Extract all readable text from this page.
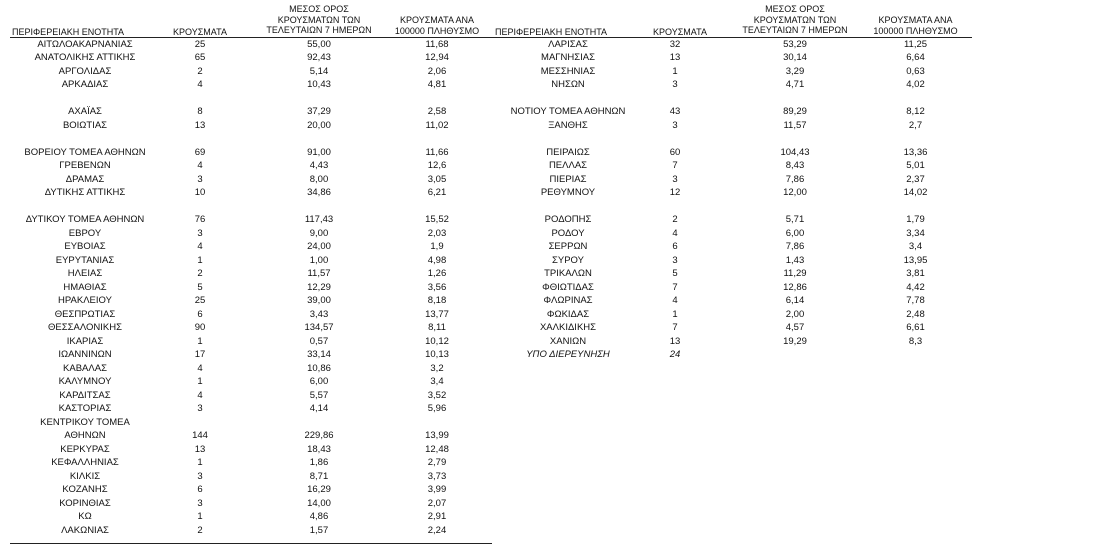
ΠΕΡΙΦΕΡΕΙΑΚΗ ΕΝΟΤΗΤΑ	ΚΡΟΥΣΜΑΤΑ
ΜΕΣΟΣ ΟΡΟΣ
ΚΡΟΥΣΜΑΤΩΝ ΤΩΝ
ΤΕΛΕΥΤΑΙΩΝ 7 ΗΜΕΡΩΝ
ΚΡΟΥΣΜΑΤΑ ΑΝΑ
100000 ΠΛΗΘΥΣΜΟ	ΠΕΡΙΦΕΡΕΙΑΚΗ ΕΝΟΤΗΤΑ	ΚΡΟΥΣΜΑΤΑ
ΜΕΣΟΣ ΟΡΟΣ
ΚΡΟΥΣΜΑΤΩΝ ΤΩΝ
ΤΕΛΕΥΤΑΙΩΝ 7 ΗΜΕΡΩΝ
ΚΡΟΥΣΜΑΤΑ ΑΝΑ
100000 ΠΛΗΘΥΣΜΟ
ΑΙΤΩΛΟΑΚΑΡΝΑΝΙΑΣ	25	55,00	11,68
ΑΝΑΤΟΛΙΚΗΣ ΑΤΤΙΚΗΣ	65	92,43	12,94
ΑΡΓΟΛΙΔΑΣ	2	5,14	2,06
ΑΡΚΑΔΙΑΣ	4	10,43	4,81
ΑΧΑΪΑΣ	8	37,29	2,58
ΒΟΙΩΤΙΑΣ	13	20,00	11,02
ΒΟΡΕΙΟΥ ΤΟΜΕΑ ΑΘΗΝΩΝ	69	91,00	11,66
ΓΡΕΒΕΝΩΝ	4	4,43	12,6
ΔΡΑΜΑΣ	3	8,00	3,05
ΔΥΤΙΚΗΣ ΑΤΤΙΚΗΣ	10	34,86	6,21
ΔΥΤΙΚΟΥ ΤΟΜΕΑ ΑΘΗΝΩΝ	76	117,43	15,52
ΕΒΡΟΥ	3	9,00	2,03
ΕΥΒΟΙΑΣ	4	24,00	1,9
ΕΥΡΥΤΑΝΙΑΣ	1	1,00	4,98
ΗΛΕΙΑΣ	2	11,57	1,26
ΗΜΑΘΙΑΣ	5	12,29	3,56
ΗΡΑΚΛΕΙΟΥ	25	39,00	8,18
ΘΕΣΠΡΩΤΙΑΣ	6	3,43	13,77
ΘΕΣΣΑΛΟΝΙΚΗΣ	90	134,57	8,11
ΙΚΑΡΙΑΣ	1	0,57	10,12
ΙΩΑΝΝΙΝΩΝ	17	33,14	10,13
ΚΑΒΑΛΑΣ	4	10,86	3,2
ΚΑΛΥΜΝΟΥ	1	6,00	3,4
ΚΑΡΔΙΤΣΑΣ	4	5,57	3,52
ΚΑΣΤΟΡΙΑΣ	3	4,14	5,96
ΚΕΝΤΡΙΚΟΥ ΤΟΜΕΑ
ΑΘΗΝΩΝ	144	229,86	13,99
ΚΕΡΚΥΡΑΣ	13	18,43	12,48
ΚΕΦΑΛΛΗΝΙΑΣ	1	1,86	2,79
ΚΙΛΚΙΣ	3	8,71	3,73
ΚΟΖΑΝΗΣ	6	16,29	3,99
ΚΟΡΙΝΘΙΑΣ	3	14,00	2,07
ΚΩ	1	4,86	2,91
ΛΑΚΩΝΙΑΣ	2	1,57	2,24
ΛΑΡΙΣΑΣ	32	53,29	11,25
ΜΑΓΝΗΣΙΑΣ	13	30,14	6,64
ΜΕΣΣΗΝΙΑΣ	1	3,29	0,63
ΝΗΣΩΝ	3	4,71	4,02
ΝΟΤΙΟΥ ΤΟΜΕΑ ΑΘΗΝΩΝ	43	89,29	8,12
ΞΑΝΘΗΣ	3	11,57	2,7
ΠΕΙΡΑΙΩΣ	60	104,43	13,36
ΠΕΛΛΑΣ	7	8,43	5,01
ΠΙΕΡΙΑΣ	3	7,86	2,37
ΡΕΘΥΜΝΟΥ	12	12,00	14,02
ΡΟΔΟΠΗΣ	2	5,71	1,79
ΡΟΔΟΥ	4	6,00	3,34
ΣΕΡΡΩΝ	6	7,86	3,4
ΣΥΡΟΥ	3	1,43	13,95
ΤΡΙΚΑΛΩΝ	5	11,29	3,81
ΦΘΙΩΤΙΔΑΣ	7	12,86	4,42
ΦΛΩΡΙΝΑΣ	4	6,14	7,78
ΦΩΚΙΔΑΣ	1	2,00	2,48
ΧΑΛΚΙΔΙΚΗΣ	7	4,57	6,61
ΧΑΝΙΩΝ	13	19,29	8,3
ΥΠΟ ΔΙΕΡΕΥΝΗΣΗ	24
